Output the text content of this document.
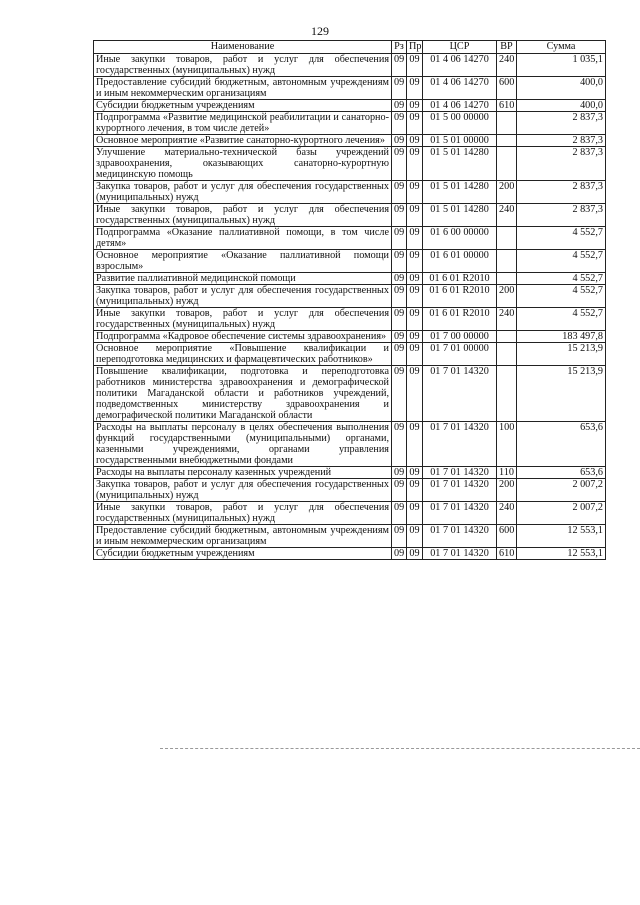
129
Наименование	Рз	Пр	ЦСР	ВР	Сумма
Иные закупки товаров, работ и услуг для обеспечения государственных (муниципальных) нужд	09	09	01 4 06 14270	240	1 035,1
Предоставление субсидий бюджетным, автономным учреждениям и иным некоммерческим организациям	09	09	01 4 06 14270	600	400,0
Субсидии бюджетным учреждениям	09	09	01 4 06 14270	610	400,0
Подпрограмма «Развитие медицинской реабилитации и санаторно-курортного лечения, в том числе детей»	09	09	01 5 00 00000		2 837,3
Основное мероприятие «Развитие санаторно-курортного лечения»	09	09	01 5 01 00000		2 837,3
Улучшение материально-технической базы учреждений здравоохранения, оказывающих санаторно-курортную медицинскую помощь	09	09	01 5 01 14280		2 837,3
Закупка товаров, работ и услуг для обеспечения государственных (муниципальных) нужд	09	09	01 5 01 14280	200	2 837,3
Иные закупки товаров, работ и услуг для обеспечения государственных (муниципальных) нужд	09	09	01 5 01 14280	240	2 837,3
Подпрограмма «Оказание паллиативной помощи, в том числе детям»	09	09	01 6 00 00000		4 552,7
Основное мероприятие «Оказание паллиативной помощи взрослым»	09	09	01 6 01 00000		4 552,7
Развитие паллиативной медицинской помощи	09	09	01 6 01 R2010		4 552,7
Закупка товаров, работ и услуг для обеспечения государственных (муниципальных) нужд	09	09	01 6 01 R2010	200	4 552,7
Иные закупки товаров, работ и услуг для обеспечения государственных (муниципальных) нужд	09	09	01 6 01 R2010	240	4 552,7
Подпрограмма «Кадровое обеспечение системы здравоохранения»	09	09	01 7 00 00000		183 497,8
Основное мероприятие «Повышение квалификации и переподготовка медицинских и фармацевтических работников»	09	09	01 7 01 00000		15 213,9
Повышение квалификации, подготовка и переподготовка работников министерства здравоохранения и демографической политики Магаданской области и работников учреждений, подведомственных министерству здравоохранения и демографической политики Магаданской области	09	09	01 7 01 14320		15 213,9
Расходы на выплаты персоналу в целях обеспечения выполнения функций государственными (муниципальными) органами, казенными учреждениями, органами управления государственными внебюджетными фондами	09	09	01 7 01 14320	100	653,6
Расходы на выплаты персоналу казенных учреждений	09	09	01 7 01 14320	110	653,6
Закупка товаров, работ и услуг для обеспечения государственных (муниципальных) нужд	09	09	01 7 01 14320	200	2 007,2
Иные закупки товаров, работ и услуг для обеспечения государственных (муниципальных) нужд	09	09	01 7 01 14320	240	2 007,2
Предоставление субсидий бюджетным, автономным учреждениям и иным некоммерческим организациям	09	09	01 7 01 14320	600	12 553,1
Субсидии бюджетным учреждениям	09	09	01 7 01 14320	610	12 553,1
